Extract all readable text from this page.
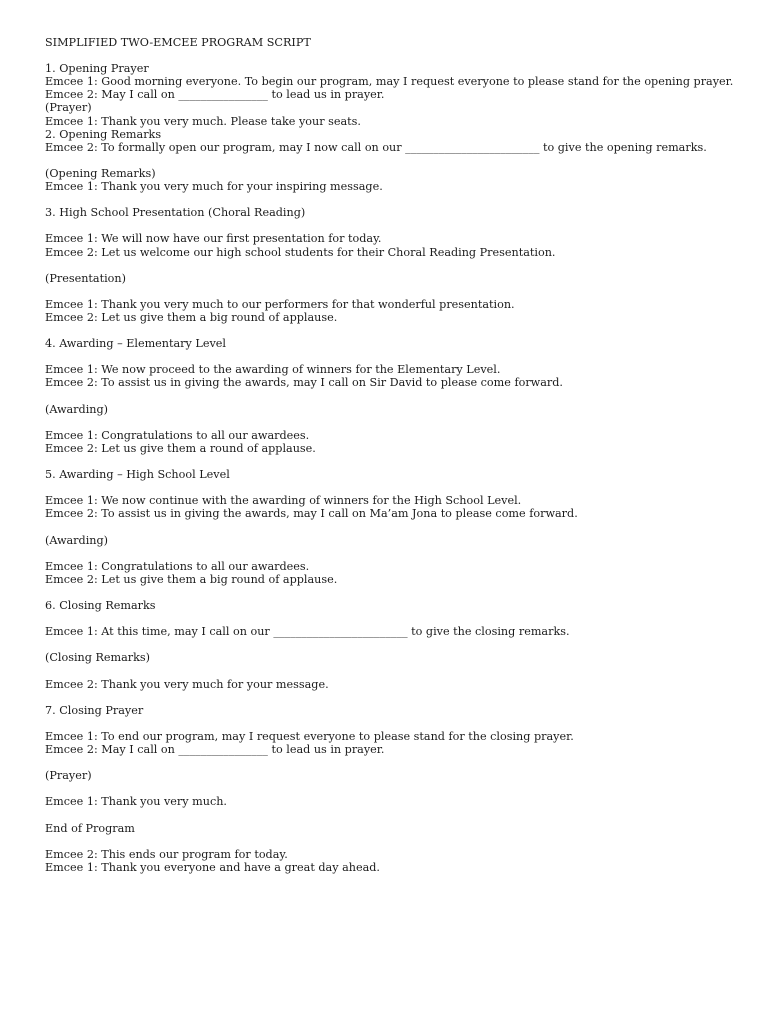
SIMPLIFIED TWO-EMCEE PROGRAM SCRIPT
1. Opening Prayer
Emcee 1: Good morning everyone. To begin our program, may I request everyone to please stand for the opening prayer.
Emcee 2: May I call on ________________ to lead us in prayer.
(Prayer)
Emcee 1: Thank you very much. Please take your seats.
2. Opening Remarks
Emcee 2: To formally open our program, may I now call on our ________________________ to give the opening remarks.
(Opening Remarks)
Emcee 1: Thank you very much for your inspiring message.
3. High School Presentation (Choral Reading)
Emcee 1: We will now have our first presentation for today.
Emcee 2: Let us welcome our high school students for their Choral Reading Presentation.
(Presentation)
Emcee 1: Thank you very much to our performers for that wonderful presentation.
Emcee 2: Let us give them a big round of applause.
4. Awarding – Elementary Level
Emcee 1: We now proceed to the awarding of winners for the Elementary Level.
Emcee 2: To assist us in giving the awards, may I call on Sir David to please come forward.
(Awarding)
Emcee 1: Congratulations to all our awardees.
Emcee 2: Let us give them a round of applause.
5. Awarding – High School Level
Emcee 1: We now continue with the awarding of winners for the High School Level.
Emcee 2: To assist us in giving the awards, may I call on Ma’am Jona to please come forward.
(Awarding)
Emcee 1: Congratulations to all our awardees.
Emcee 2: Let us give them a big round of applause.
6. Closing Remarks
Emcee 1: At this time, may I call on our ________________________ to give the closing remarks.
(Closing Remarks)
Emcee 2: Thank you very much for your message.
7. Closing Prayer
Emcee 1: To end our program, may I request everyone to please stand for the closing prayer.
Emcee 2: May I call on ________________ to lead us in prayer.
(Prayer)
Emcee 1: Thank you very much.
End of Program
Emcee 2: This ends our program for today.
Emcee 1: Thank you everyone and have a great day ahead.
